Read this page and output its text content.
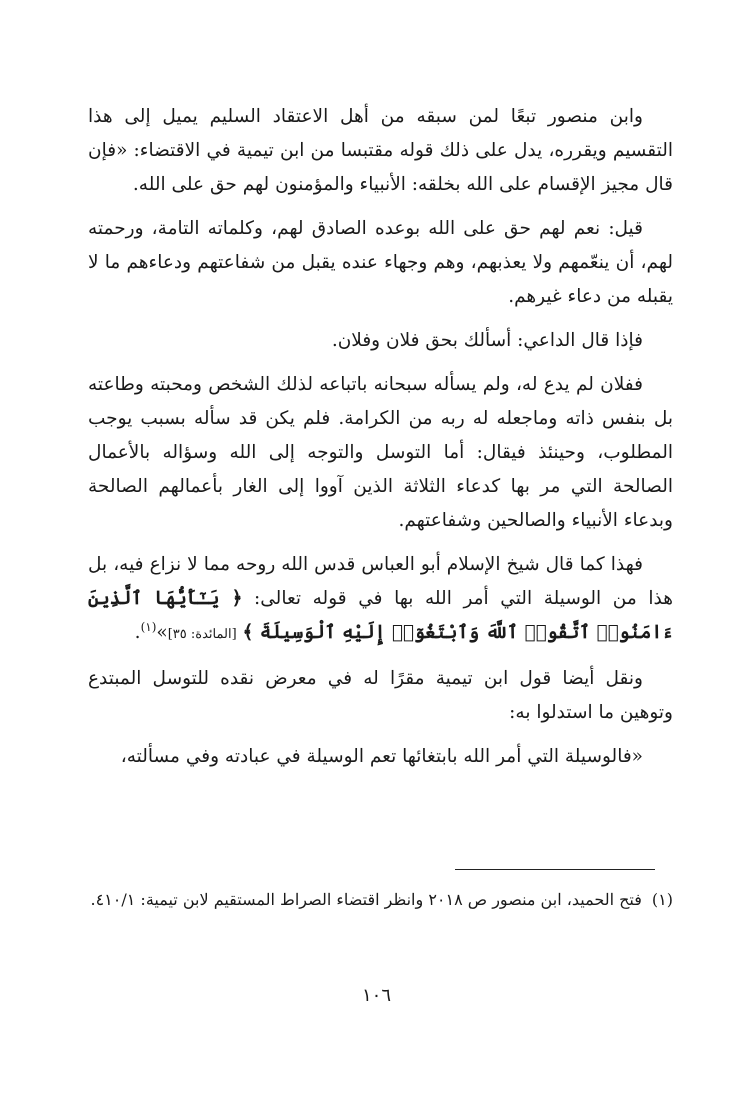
وابن منصور تبعًا لمن سبقه من أهل الاعتقاد السليم يميل إلى هذا التقسيم ويقرره، يدل على ذلك قوله مقتبسا من ابن تيمية في الاقتضاء: «فإن قال مجيز الإقسام على الله بخلقه: الأنبياء والمؤمنون لهم حق على الله.

قيل: نعم لهم حق على الله بوعده الصادق لهم، وكلماته التامة، ورحمته لهم، أن ينعّمهم ولا يعذبهم، وهم وجهاء عنده يقبل من شفاعتهم ودعاءهم ما لا يقبله من دعاء غيرهم.

فإذا قال الداعي: أسألك بحق فلان وفلان.

ففلان لم يدع له، ولم يسأله سبحانه باتباعه لذلك الشخص ومحبته وطاعته بل بنفس ذاته وماجعله له ربه من الكرامة. فلم يكن قد سأله بسبب يوجب المطلوب، وحينئذ فيقال: أما التوسل والتوجه إلى الله وسؤاله بالأعمال الصالحة التي مر بها كدعاء الثلاثة الذين آووا إلى الغار بأعمالهم الصالحة وبدعاء الأنبياء والصالحين وشفاعتهم.

فهذا كما قال شيخ الإسلام أبو العباس قدس الله روحه مما لا نزاع فيه، بل هذا من الوسيلة التي أمر الله بها في قوله تعالى: ﴿ يَـٰٓأَيُّهَا ٱلَّذِينَ ءَامَنُوا۟ ٱتَّقُوا۟ ٱللَّهَ وَٱبْتَغُوٓا۟ إِلَيْهِ ٱلْوَسِيلَةَ ﴾ [المائدة: ٣٥]»$^{(١)}$.

ونقل أيضا قول ابن تيمية مقرًا له في معرض نقده للتوسل المبتدع وتوهين ما استدلوا به:

«فالوسيلة التي أمر الله بابتغائها تعم الوسيلة في عبادته وفي مسألته،

(١)فتح الحميد، ابن منصور ص ٢٠١٨ وانظر اقتضاء الصراط المستقيم لابن تيمية: ٤١٠/١.

١٠٦
